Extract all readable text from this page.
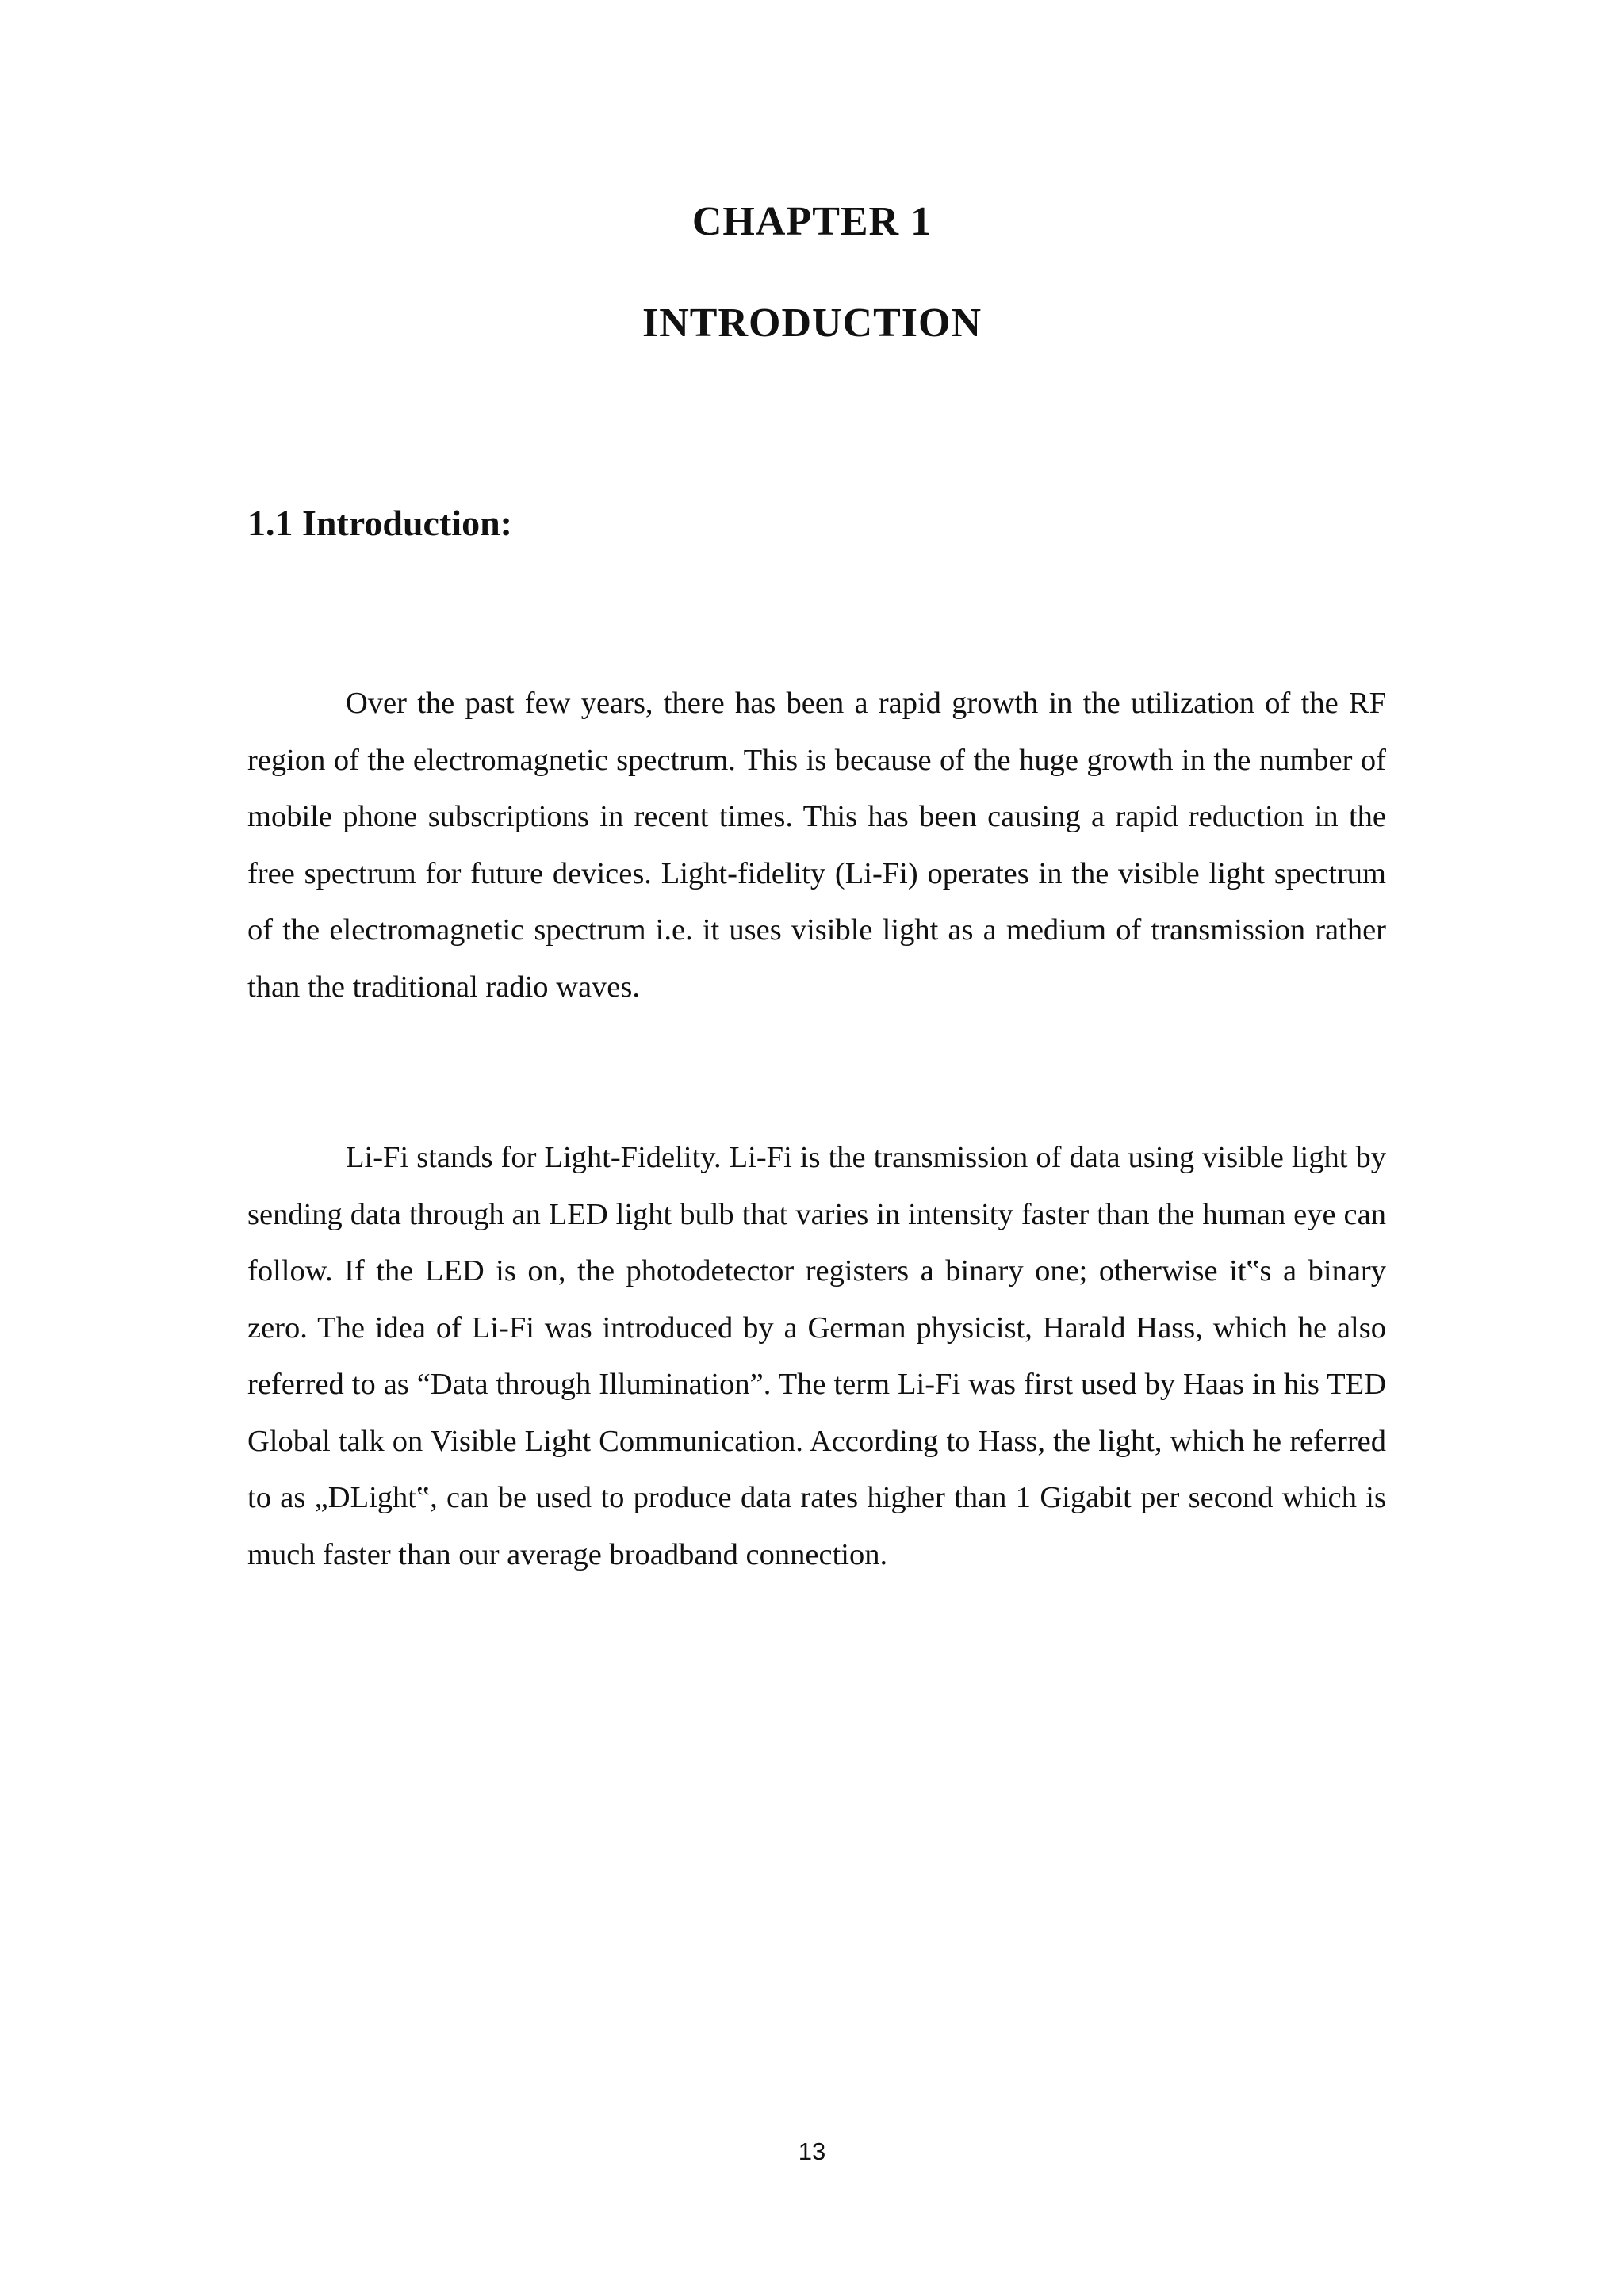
CHAPTER 1
INTRODUCTION
1.1 Introduction:

Over the past few years, there has been a rapid growth in the utilization of the RF region of the electromagnetic spectrum. This is because of the huge growth in the number of mobile phone subscriptions in recent times. This has been causing a rapid reduction in the free spectrum for future devices. Light-fidelity (Li-Fi) operates in the visible light spectrum of the electromagnetic spectrum i.e. it uses visible light as a medium of transmission rather than the traditional radio waves.

Li-Fi stands for Light-Fidelity. Li-Fi is the transmission of data using visible light by sending data through an LED light bulb that varies in intensity faster than the human eye can follow. If the LED is on, the photodetector registers a binary one; otherwise it‟s a binary zero. The idea of Li-Fi was introduced by a German physicist, Harald Hass, which he also referred to as “Data through Illumination”. The term Li-Fi was first used by Haas in his TED Global talk on Visible Light Communication. According to Hass, the light, which he referred to as „DLight‟, can be used to produce data rates higher than 1 Gigabit per second which is much faster than our average broadband connection.

13
